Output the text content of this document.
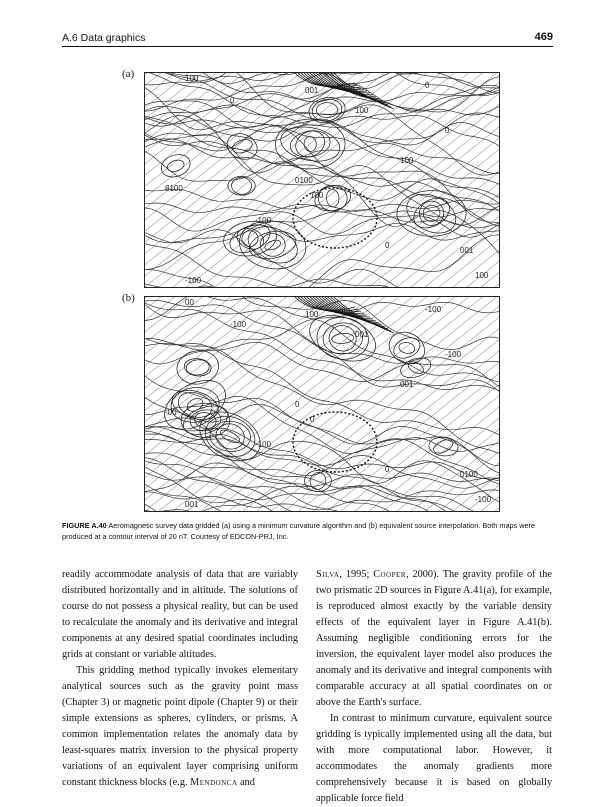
A.6 Data graphics	469
(a)	100
0
001
100
0
100
0100
100
8100
-100
001
100
0
-100
0
(b)	00
-100
100
001
-100
001
0
0
-00
001
0100
-100
0
-100
-100
FIGURE A.40 Aeromagnetic survey data gridded (a) using a minimum curvature algorithm and (b) equivalent source interpolation. Both maps were produced at a contour interval of 20 nT. Courtesy of EDCON-PRJ, Inc.

readily accommodate analysis of data that are variably distributed horizontally and in altitude. The solutions of course do not possess a physical reality, but can be used to recalculate the anomaly and its derivative and integral components at any desired spatial coordinates including grids at constant or variable altitudes.

This gridding method typically invokes elementary analytical sources such as the gravity point mass (Chapter 3) or magnetic point dipole (Chapter 9) or their simple extensions as spheres, cylinders, or prisms. A common implementation relates the anomaly data by least-squares matrix inversion to the physical property variations of an equivalent layer comprising uniform constant thickness blocks (e.g. Mendonca and

Silva, 1995; Cooper, 2000). The gravity profile of the two prismatic 2D sources in Figure A.41(a), for example, is reproduced almost exactly by the variable density effects of the equivalent layer in Figure A.41(b). Assuming negligible conditioning errors for the inversion, the equivalent layer model also produces the anomaly and its derivative and integral components with comparable accuracy at all spatial coordinates on or above the Earth's surface.

In contrast to minimum curvature, equivalent source gridding is typically implemented using all the data, but with more computational labor. However, it accommodates the anomaly gradients more comprehensively because it is based on globally applicable force field
